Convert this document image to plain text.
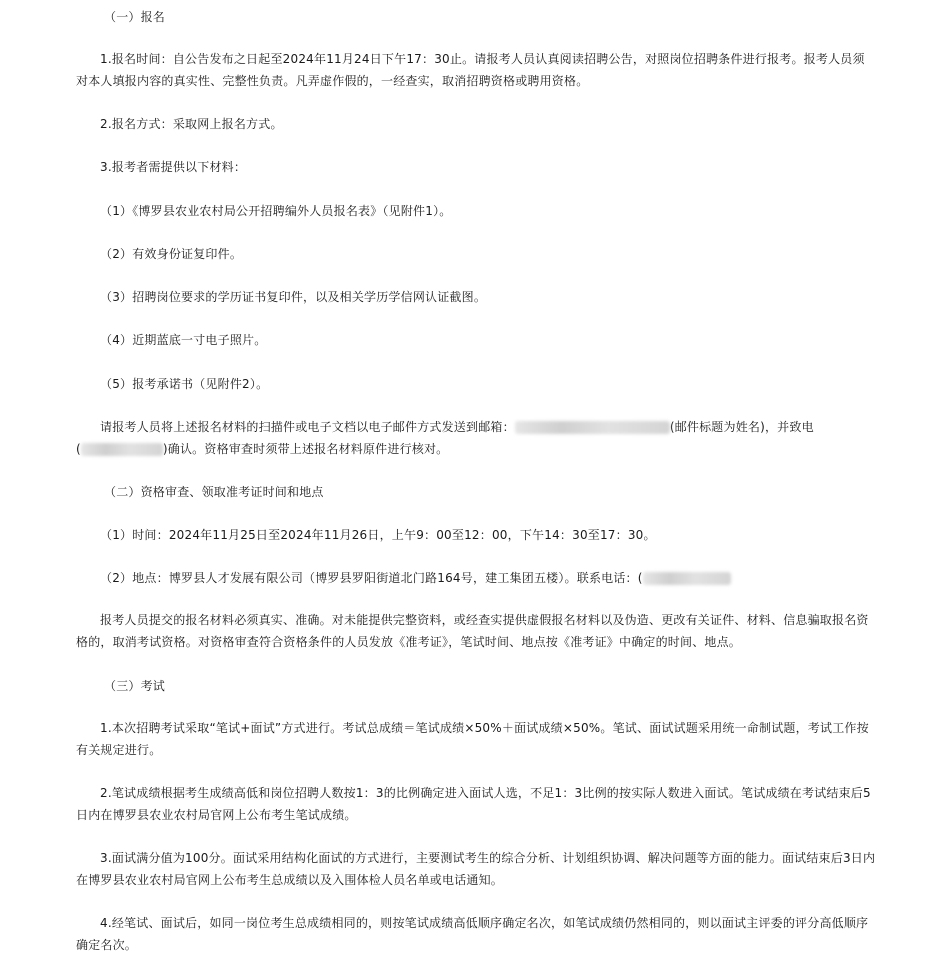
（一）报名

1.报名时间：自公告发布之日起至2024年11月24日下午17：30止。请报考人员认真阅读招聘公告，对照岗位招聘条件进行报考。报考人员须对本人填报内容的真实性、完整性负责。凡弄虚作假的，一经查实，取消招聘资格或聘用资格。

2.报名方式：采取网上报名方式。

3.报考者需提供以下材料：

（1）《博罗县农业农村局公开招聘编外人员报名表》（见附件1）。

（2）有效身份证复印件。

（3）招聘岗位要求的学历证书复印件，以及相关学历学信网认证截图。

（4）近期蓝底一寸电子照片。

（5）报考承诺书（见附件2）。

请报考人员将上述报名材料的扫描件或电子文档以电子邮件方式发送到邮箱：	(邮件标题为姓名)，并致电
(	)确认。资格审查时须带上述报名材料原件进行核对。

（二）资格审查、领取准考证时间和地点

（1）时间：2024年11月25日至2024年11月26日，上午9：00至12：00，下午14：30至17：30。

（2）地点：博罗县人才发展有限公司（博罗县罗阳街道北门路164号，建工集团五楼）。联系电话：(

报考人员提交的报名材料必须真实、准确。对未能提供完整资料，或经查实提供虚假报名材料以及伪造、更改有关证件、材料、信息骗取报名资格的，取消考试资格。对资格审查符合资格条件的人员发放《准考证》，笔试时间、地点按《准考证》中确定的时间、地点。

（三）考试

1.本次招聘考试采取“笔试+面试”方式进行。考试总成绩＝笔试成绩×50%＋面试成绩×50%。笔试、面试试题采用统一命制试题，考试工作按有关规定进行。

2.笔试成绩根据考生成绩高低和岗位招聘人数按1：3的比例确定进入面试人选，不足1：3比例的按实际人数进入面试。笔试成绩在考试结束后5日内在博罗县农业农村局官网上公布考生笔试成绩。

3.面试满分值为100分。面试采用结构化面试的方式进行，主要测试考生的综合分析、计划组织协调、解决问题等方面的能力。面试结束后3日内在博罗县农业农村局官网上公布考生总成绩以及入围体检人员名单或电话通知。

4.经笔试、面试后，如同一岗位考生总成绩相同的，则按笔试成绩高低顺序确定名次，如笔试成绩仍然相同的，则以面试主评委的评分高低顺序确定名次。
